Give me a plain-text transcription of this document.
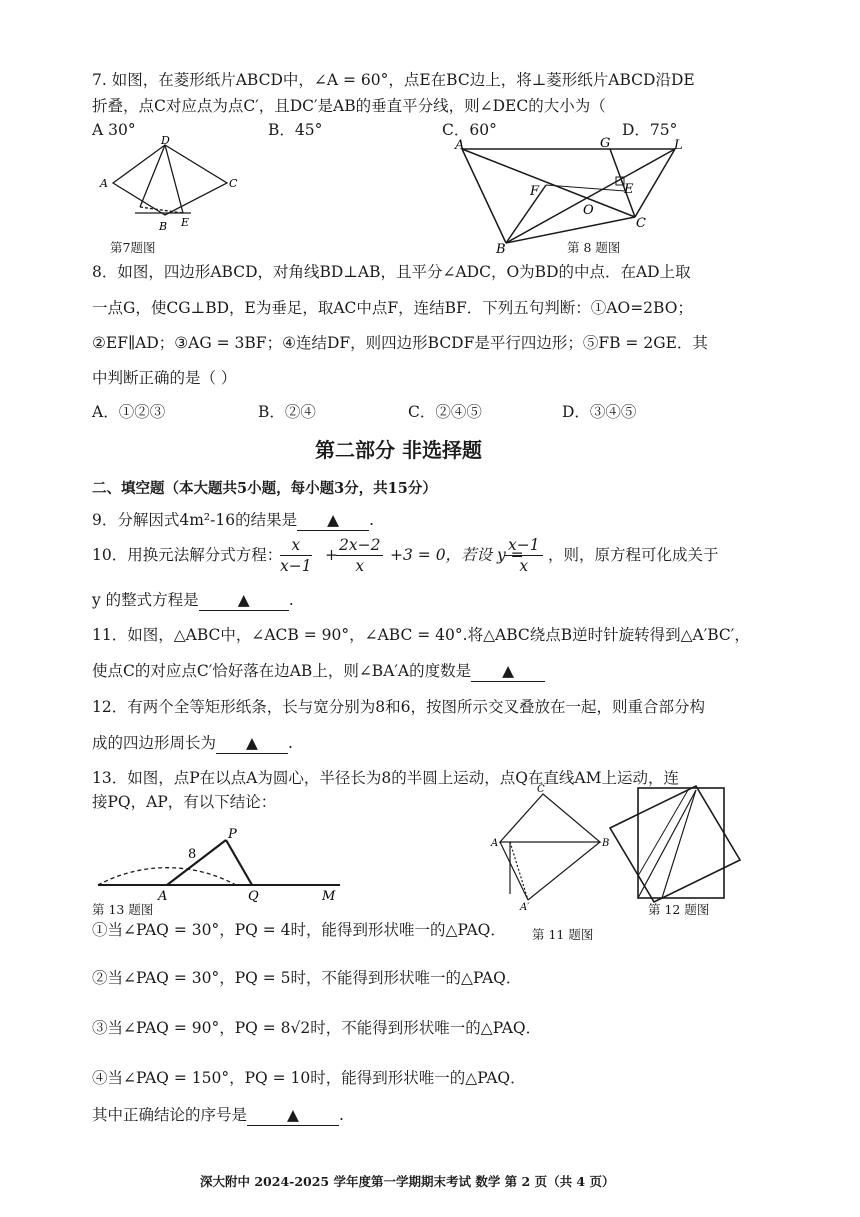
7. 如图，在菱形纸片ABCD中，∠A = 60°，点E在BC边上，将⊥菱形纸片ABCD沿DE
折叠，点C对应点为点C′，且DC′是AB的垂直平分线，则∠DEC的大小为（
A 30°	B．45°	C．60°	D．75°
A
B
C
D
E
第7题图
A	G	L
F	E
O
B
C
第 8 题图
8．如图，四边形ABCD，对角线BD⊥AB，且平分∠ADC，O为BD的中点．在AD上取
一点G，使CG⊥BD，E为垂足，取AC中点F，连结BF．下列五句判断：①AO=2BO；
②EF∥AD；③AG = 3BF；④连结DF，则四边形BCDF是平行四边形；⑤FB = 2GE．其
中判断正确的是（ ）
A．①②③	B．②④	C．②④⑤	D．③④⑤
第二部分 非选择题
二、填空题（本大题共5小题，每小题3分，共15分）
9．分解因式4m²-16的结果是 ▲ .
10．用换元法解分式方程：
$\frac{x}{x-1}$ +
$\frac{2x-2}{x} +3 = 0$，若设 y =
$\frac{x-1}{x}$ ，则，原方程可化成关于
y 的整式方程是	▲	.
11．如图，△ABC中，∠ACB = 90°，∠ABC = 40°.将△ABC绕点B逆时针旋转得到△A′BC′，
使点C的对应点C′恰好落在边AB上，则∠BA′A的度数是 ▲
12．有两个全等矩形纸条，长与宽分别为8和6，按图所示交叉叠放在一起，则重合部分构
成的四边形周长为 ▲ .
13．如图，点P在以点A为圆心，半径长为8的半圆上运动，点Q在直线AM上运动，连
接PQ，AP，有以下结论：
P
8
A	Q	M
第 13 题图
C
A	B
A′
第 11 题图
第 12 题图
①当∠PAQ = 30°，PQ = 4时，能得到形状唯一的△PAQ．
②当∠PAQ = 30°，PQ = 5时，不能得到形状唯一的△PAQ．
③当∠PAQ = 90°，PQ = 8√2时，不能得到形状唯一的△PAQ．
④当∠PAQ = 150°，PQ = 10时，能得到形状唯一的△PAQ．
其中正确结论的序号是	▲	.
深大附中 2024-2025 学年度第一学期期末考试 数学 第 2 页（共 4 页）
